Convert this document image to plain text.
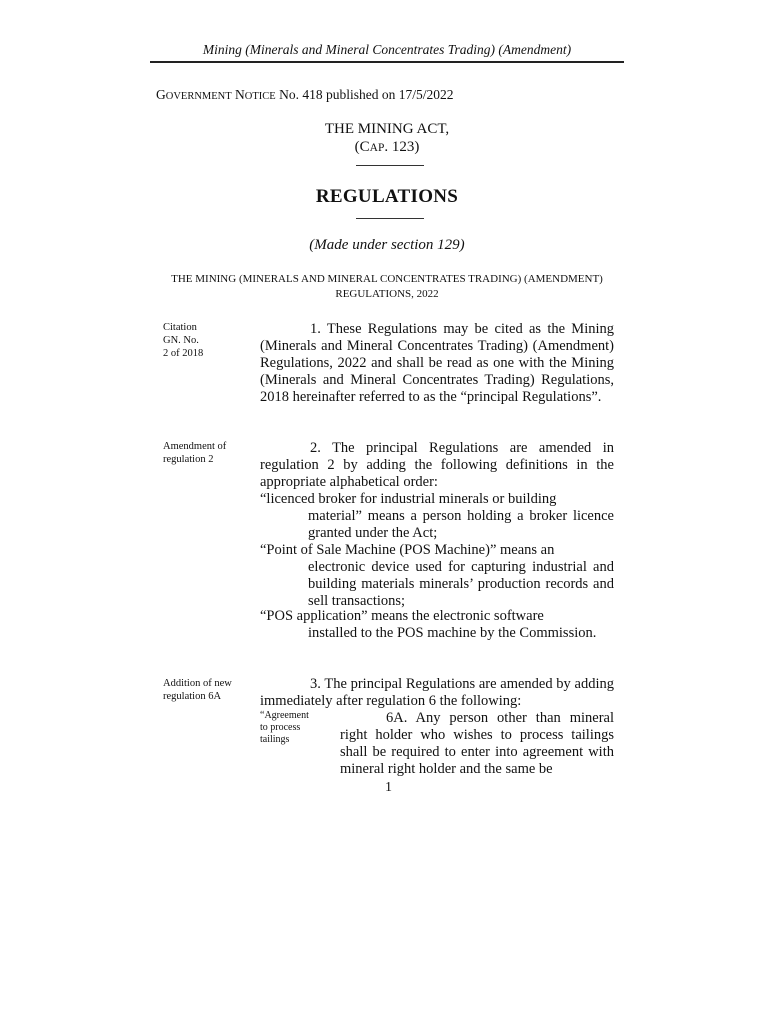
Mining (Minerals and Mineral Concentrates Trading) (Amendment)
GOVERNMENT NOTICE No. 418 published on 17/5/2022
THE MINING ACT,
(CAP. 123)
REGULATIONS
(Made under section 129)
THE MINING (MINERALS AND MINERAL CONCENTRATES TRADING) (AMENDMENT)
REGULATIONS, 2022
Citation
GN. No.
2 of 2018

1. These Regulations may be cited as the Mining (Minerals and Mineral Concentrates Trading) (Amendment) Regulations, 2022 and shall be read as one with the Mining (Minerals and Mineral Concentrates Trading) Regulations, 2018 hereinafter referred to as the “principal Regulations”.

Amendment of
regulation 2

2. The principal Regulations are amended in regulation 2 by adding the following definitions in the appropriate alphabetical order:

“licenced broker for industrial minerals or building

material” means a person holding a broker licence granted under the Act;

“Point of Sale Machine (POS Machine)” means an

electronic device used for capturing industrial and building materials minerals’ production records and sell transactions;

“POS application” means the electronic software

installed to the POS machine by the Commission.

Addition of new
regulation 6A

3. The principal Regulations are amended by adding immediately after regulation 6 the following:

“Agreement
to process
tailings

6A. Any person other than mineral right holder who wishes to process tailings shall be required to enter into agreement with mineral right holder and the same be

1
